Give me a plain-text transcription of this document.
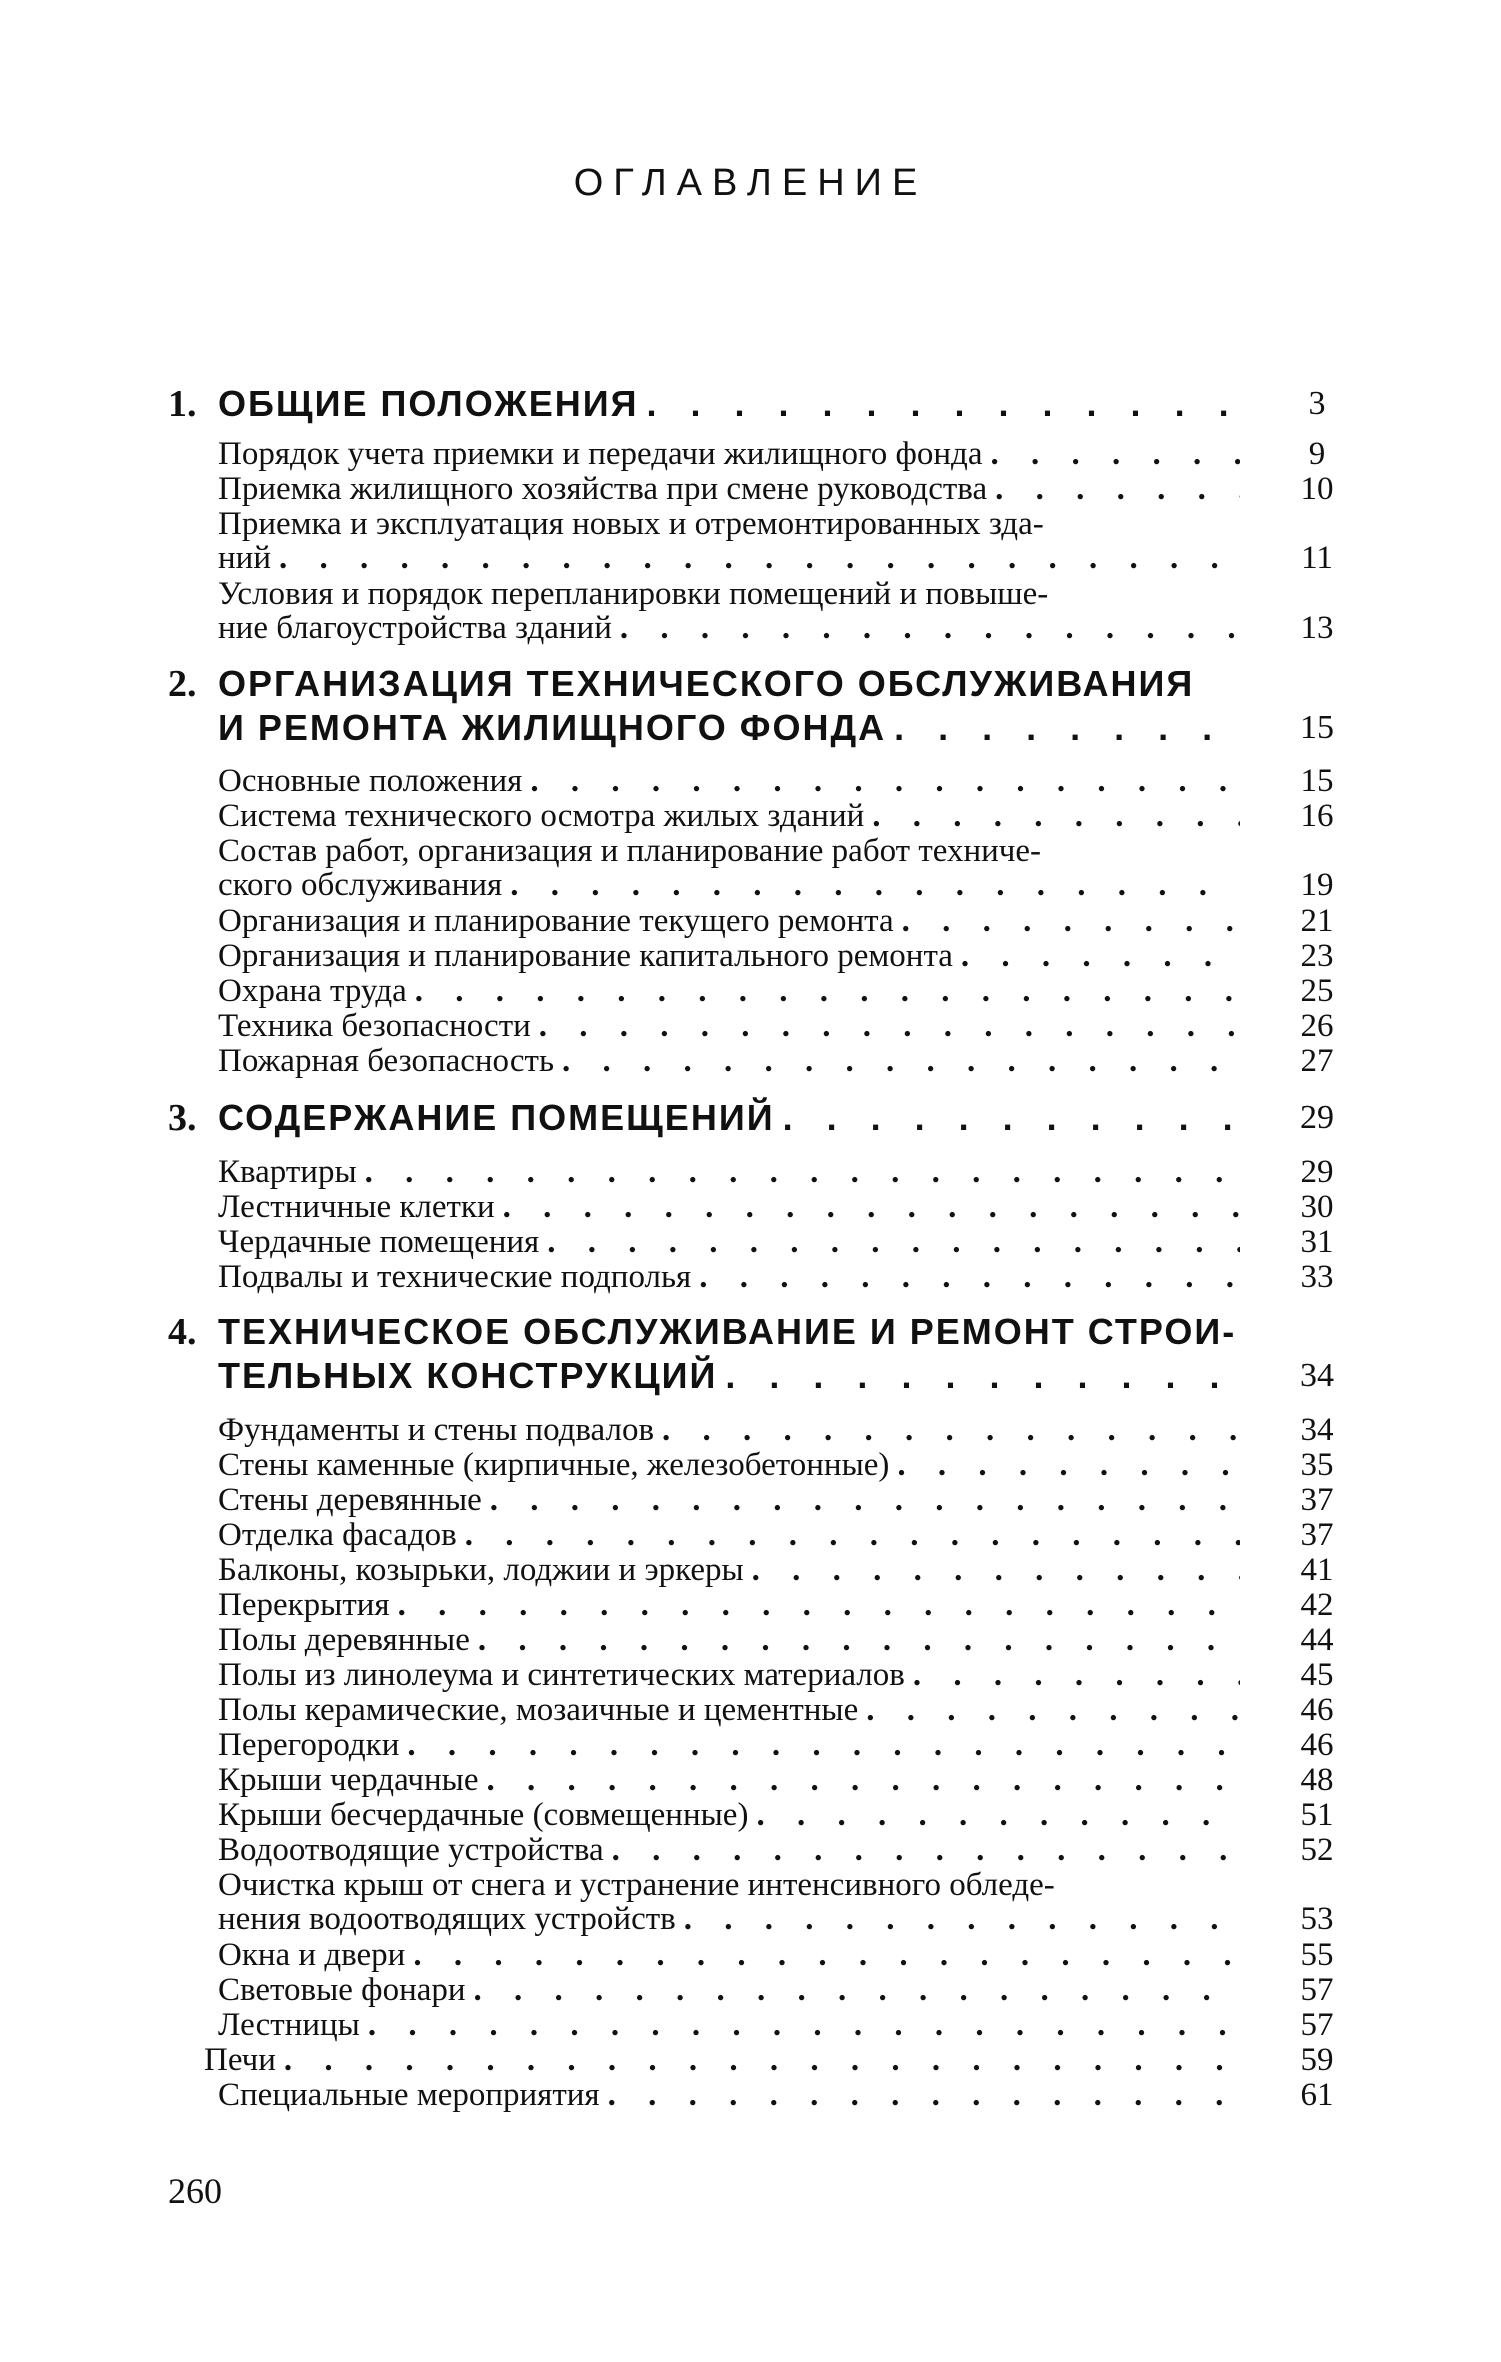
ОГЛАВЛЕНИЕ
1. ОБЩИЕ ПОЛОЖЕНИЯ . . .	3
Порядок учета приемки и передачи жилищного фонда . . .	9
Приемка жилищного хозяйства при смене руководства . . .	10
Приемка и эксплуатация новых и отремонтированных зда-
ний . . .	11
Условия и порядок перепланировки помещений и повыше-
ние благоустройства зданий . . .	13
2. ОРГАНИЗАЦИЯ ТЕХНИЧЕСКОГО ОБСЛУЖИВАНИЯ
И РЕМОНТА ЖИЛИЩНОГО ФОНДА . . .	15
Основные положения . . .	15
Система технического осмотра жилых зданий . . .	16
Состав работ, организация и планирование работ техниче-
ского обслуживания . . .	19
Организация и планирование текущего ремонта . . .	21
Организация и планирование капитального ремонта . . .	23
Охрана труда . . .	25
Техника безопасности . . .	26
Пожарная безопасность . . .	27
3. СОДЕРЖАНИЕ ПОМЕЩЕНИЙ . . .	29
Квартиры . . .	29
Лестничные клетки . . .	30
Чердачные помещения . . .	31
Подвалы и технические подполья . . .	33
4. ТЕХНИЧЕСКОЕ ОБСЛУЖИВАНИЕ И РЕМОНТ СТРОИ-
ТЕЛЬНЫХ КОНСТРУКЦИЙ . . .	34
Фундаменты и стены подвалов . . .	34
Стены каменные (кирпичные, железобетонные) . . .	35
Стены деревянные . . .	37
Отделка фасадов . . .	37
Балконы, козырьки, лоджии и эркеры . . .	41
Перекрытия . . .	42
Полы деревянные . . .	44
Полы из линолеума и синтетических материалов . . .	45
Полы керамические, мозаичные и цементные . . .	46
Перегородки . . .	46
Крыши чердачные . . .	48
Крыши бесчердачные (совмещенные) . . .	51
Водоотводящие устройства . . .	52
Очистка крыш от снега и устранение интенсивного обледе-
нения водоотводящих устройств . . .	53
Окна и двери . . .	55
Световые фонари . . .	57
Лестницы . . .	57
Печи . . .	59
Специальные мероприятия . . .	61
260
